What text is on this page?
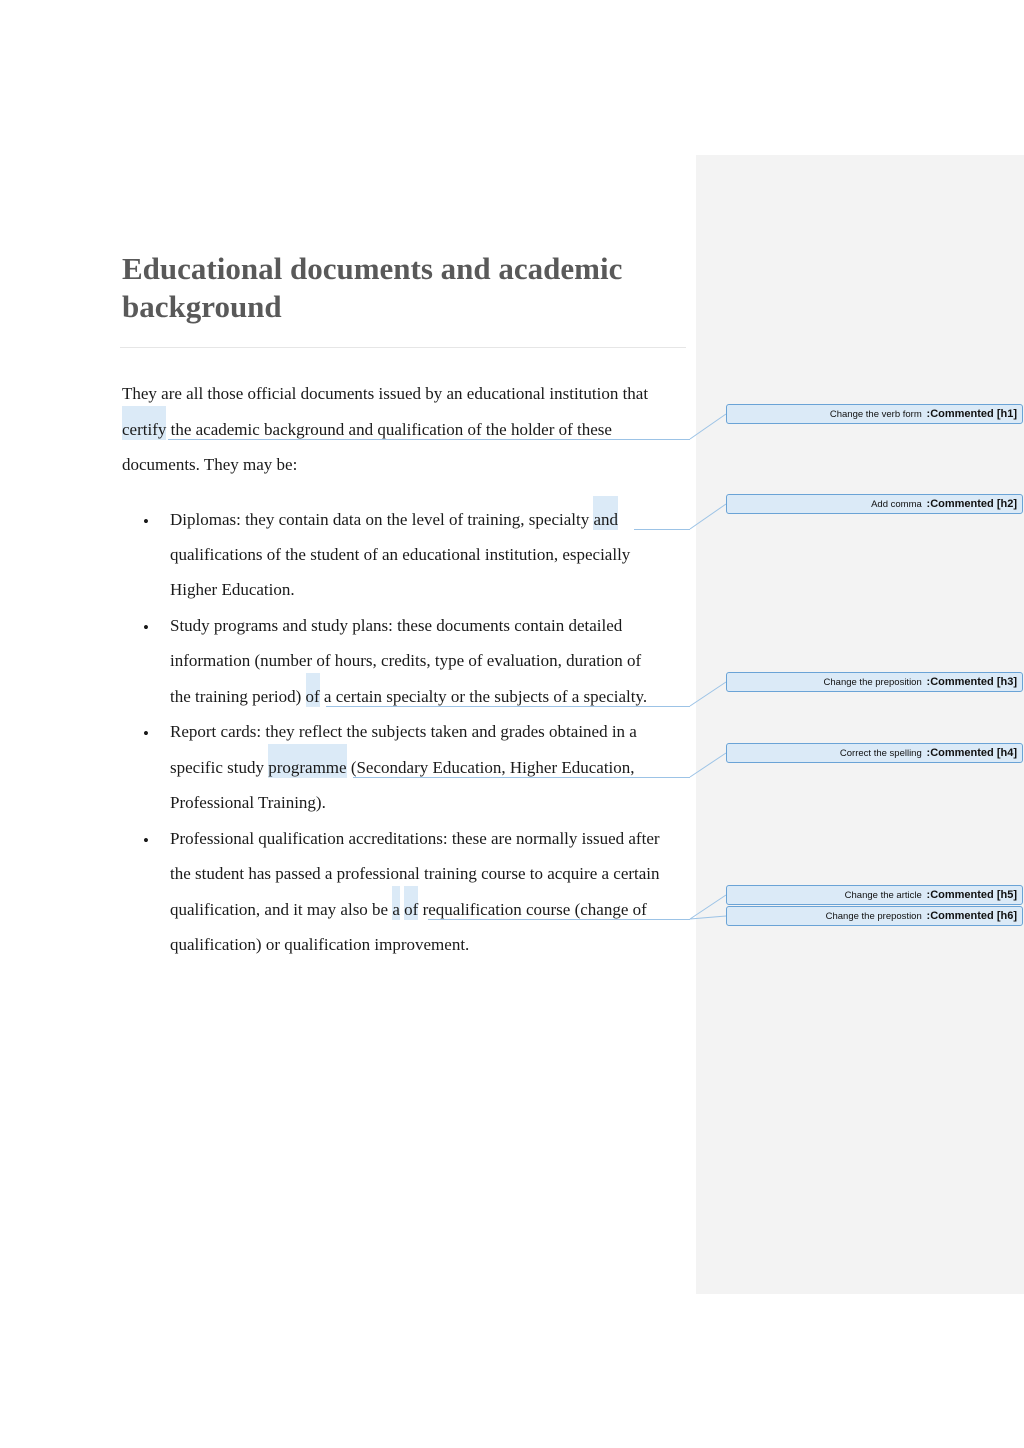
Educational documents and academic
background
They are all those official documents issued by an educational institution that
certify the academic background and qualification of the holder of these
documents. They may be:
• Diplomas: they contain data on the level of training, specialty and
qualifications of the student of an educational institution, especially
Higher Education.
• Study programs and study plans: these documents contain detailed
information (number of hours, credits, type of evaluation, duration of
the training period) of a certain specialty or the subjects of a specialty.
• Report cards: they reflect the subjects taken and grades obtained in a
specific study programme (Secondary Education, Higher Education,
Professional Training).
• Professional qualification accreditations: these are normally issued after
the student has passed a professional training course to acquire a certain
qualification, and it may also be a of requalification course (change of
qualification) or qualification improvement.
Change the verb form :Commented [h1]
Add comma :Commented [h2]
Change the preposition :Commented [h3]
Correct the spelling :Commented [h4]
Change the article :Commented [h5]
Change the prepostion :Commented [h6]
